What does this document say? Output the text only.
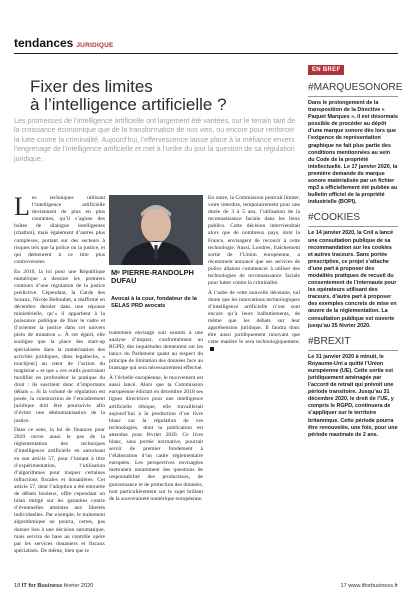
tendances JURIDIQUE
Fixer des limites
à l’intelligence artificielle ?

Les promesses de l’intelligence artificielle ont largement été vantées, sur le terrain tant de la croissance économique que de la transformation de nos vies, ou encore pour renforcer la lutte contre la criminalité. Aujourd’hui, l’effervescence laisse place à la méfiance envers l’engrenage de l’intelligence artificielle et met à l’ordre du jour la question de sa régulation juridique.

Les techniques utilisant l’intelligence artificielle deviennent de plus en plus courantes, qu’il s’agisse des boîtes de dialogue intelligentes (chatbot), mais également d’autres plus complexes, portant sur des secteurs à risques tels que la police ou la justice, et qui demeurent à ce titre plus controversées.

En 2016, la loi pour une République numérique a dessiné les premiers contours d’une régulation de la justice prédictive. Cependant, la Garde des Sceaux, Nicole Belloubet, a réaffirmé en décembre dernier dans une réponse ministérielle, qu’« il appartient à la puissance publique de fixer le cadre et d’orienter la justice dans cet univers plein de mutation ». À cet égard, elle souligne que la place des start-up spécialisées dans la numérisation des activités juridiques, dites legaltechs, « touch[ent] au cœur de l’action du magistrat » et que « ces outils pourraient modifier en profondeur la pratique du droit : ils suscitent donc d’importants débats ». Si la volonté de régulation est posée, la construction de l’encadrement juridique doit être poursuivie afin d’éviter une déshumanisation de la justice.

Dans ce sens, la loi de finances pour 2020 ouvre aussi le pas de la réglementation des techniques d’intelligence artificielle en autorisant en son article 57, pour l’instant à titre d’expérimentation, l’utilisation d’algorithmes pour traquer certaines infractions fiscales et douanières. Cet article 57, dont l’adoption a été entourée de débats houleux, offre cependant un bilan mitigé sur les garanties contre d’éventuelles atteintes aux libertés individuelles. Par exemple, le traitement algorithmique ne pourra, certes, pas donner lieu à une décision automatique, mais servira de base au contrôle opéré par les services douaniers et fiscaux spécialisés. De même, bien que le

Mᵉ PIERRE-RANDOLPH DUFAU
Avocat à la cour, fondateur de la SELAS PRD avocats

traitement envisagé soit soumis à une analyse d’impact, conformément au RGPD, des inquiétudes demeurent sur les bancs du Parlement quant au respect du principe de limitation des données face au brassage qui sera nécessairement effectué.

À l’échelle européenne, le mouvement est aussi lancé. Alors que la Commission européenne édictait en décembre 2018 ses lignes directrices pour une intelligence artificielle éthique, elle travaillerait aujourd’hui à la production d’un livre blanc sur la régulation de ces technologies, dont la publication est attendue pour février 2020. Ce livre blanc, sans portée normative, pourrait servir de premier fondement à l’élaboration d’un cadre réglementaire européen. Les perspectives envisagées mettraient notamment des questions de responsabilité des producteurs, de gouvernance et de protection des données, tout particulièrement sur le sujet brûlant de la souveraineté numérique européenne.

En outre, la Commission pourrait limiter, voire interdire, temporairement pour une durée de 3 à 5 ans, l’utilisation de la reconnaissance faciale dans les lieux publics. Cette décision interviendrait alors que de nombreux pays, dont la France, envisagent de recourir à cette technologie. Aussi, Londres, fraîchement sortie de l’Union européenne, a récemment annoncé que ses services de police allaient commencer à utiliser des technologies de reconnaissance faciale pour lutter contre la criminalité.

À l’aube de cette nouvelle décennie, nul doute que les innovations technologiques d’intelligence artificielle n’ont sont encore qu’à leurs balbutiements, de même que les débats sur leur appréhension juridique. Il faudra donc être aussi juridiquement innovant que cette matière le sera technologiquement.

EN BREF
#MARQUESONORE
Dans le prolongement de la transposition de la Directive « Paquet Marques », il est désormais possible de procéder au dépôt d’une marque sonore dès lors que l’exigence de représentation graphique ne fait plus partie des conditions mentionnées au sein du Code de la propriété intellectuelle. Le 17 janvier 2020, la première demande de marque sonore matérialisée par un fichier mp3 a officiellement été publiée au bulletin officiel de la propriété industrielle (BOPI).
#COOKIES
Le 14 janvier 2020, la Cnil a lancé une consultation publique de sa recommandation sur les cookies et autres traceurs. Sans portée prescriptive, ce projet s’attache d’une part à proposer des modalités pratiques de recueil du consentement de l’internaute pour les opérateurs utilisant des traceurs, d’autre part à proposer des exemples concrets de mise en œuvre de la réglementation. La consultation publique est ouverte jusqu’au 25 février 2020.
#BREXIT
Le 31 janvier 2020 à minuit, le Royaume-Uni a quitté l’Union européenne (UE). Cette sortie est juridiquement aménagée par l’accord de retrait qui prévoit une période transitoire. Jusqu’au 31 décembre 2020, le droit de l’UE, y compris le RGPD, continuera de s’appliquer sur le territoire britannique. Cette période pourra être renouvelée, une fois, pour une période maximale de 2 ans.
18 IT for Business février 2020	17 www.itforbusiness.fr
